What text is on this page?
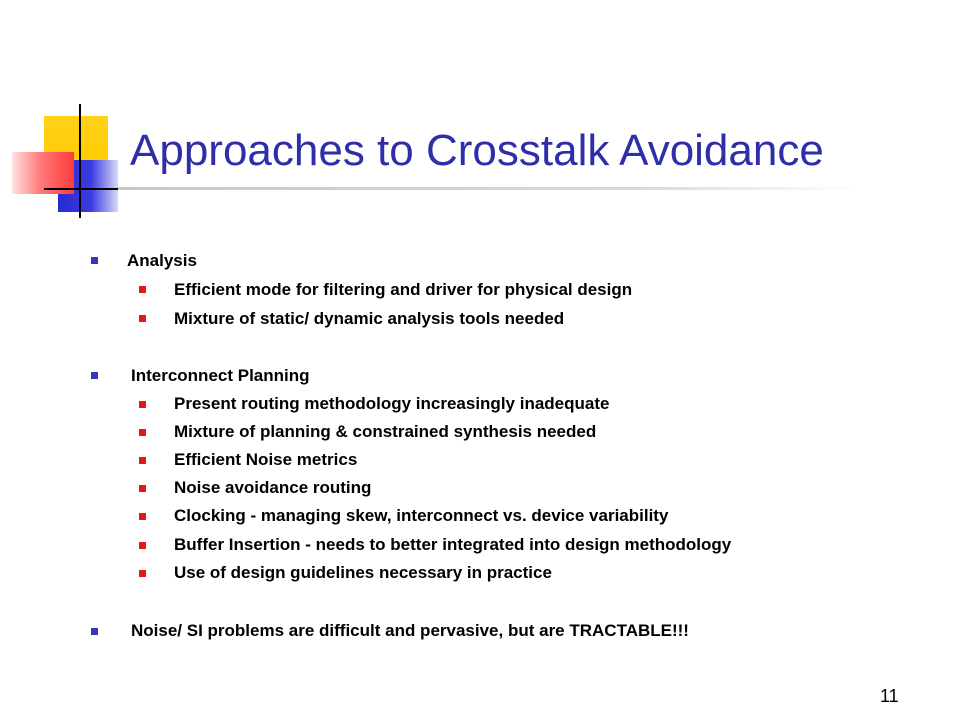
Approaches to Crosstalk Avoidance
Analysis
Efficient mode for filtering and driver for physical design
Mixture of static/ dynamic analysis tools needed
Interconnect Planning
Present routing methodology increasingly inadequate
Mixture of planning & constrained synthesis needed
Efficient Noise metrics
Noise avoidance routing
Clocking - managing skew, interconnect vs. device variability
Buffer Insertion - needs to better integrated into design methodology
Use of design guidelines necessary in practice
Noise/ SI problems are difficult and pervasive, but are TRACTABLE!!!
11
